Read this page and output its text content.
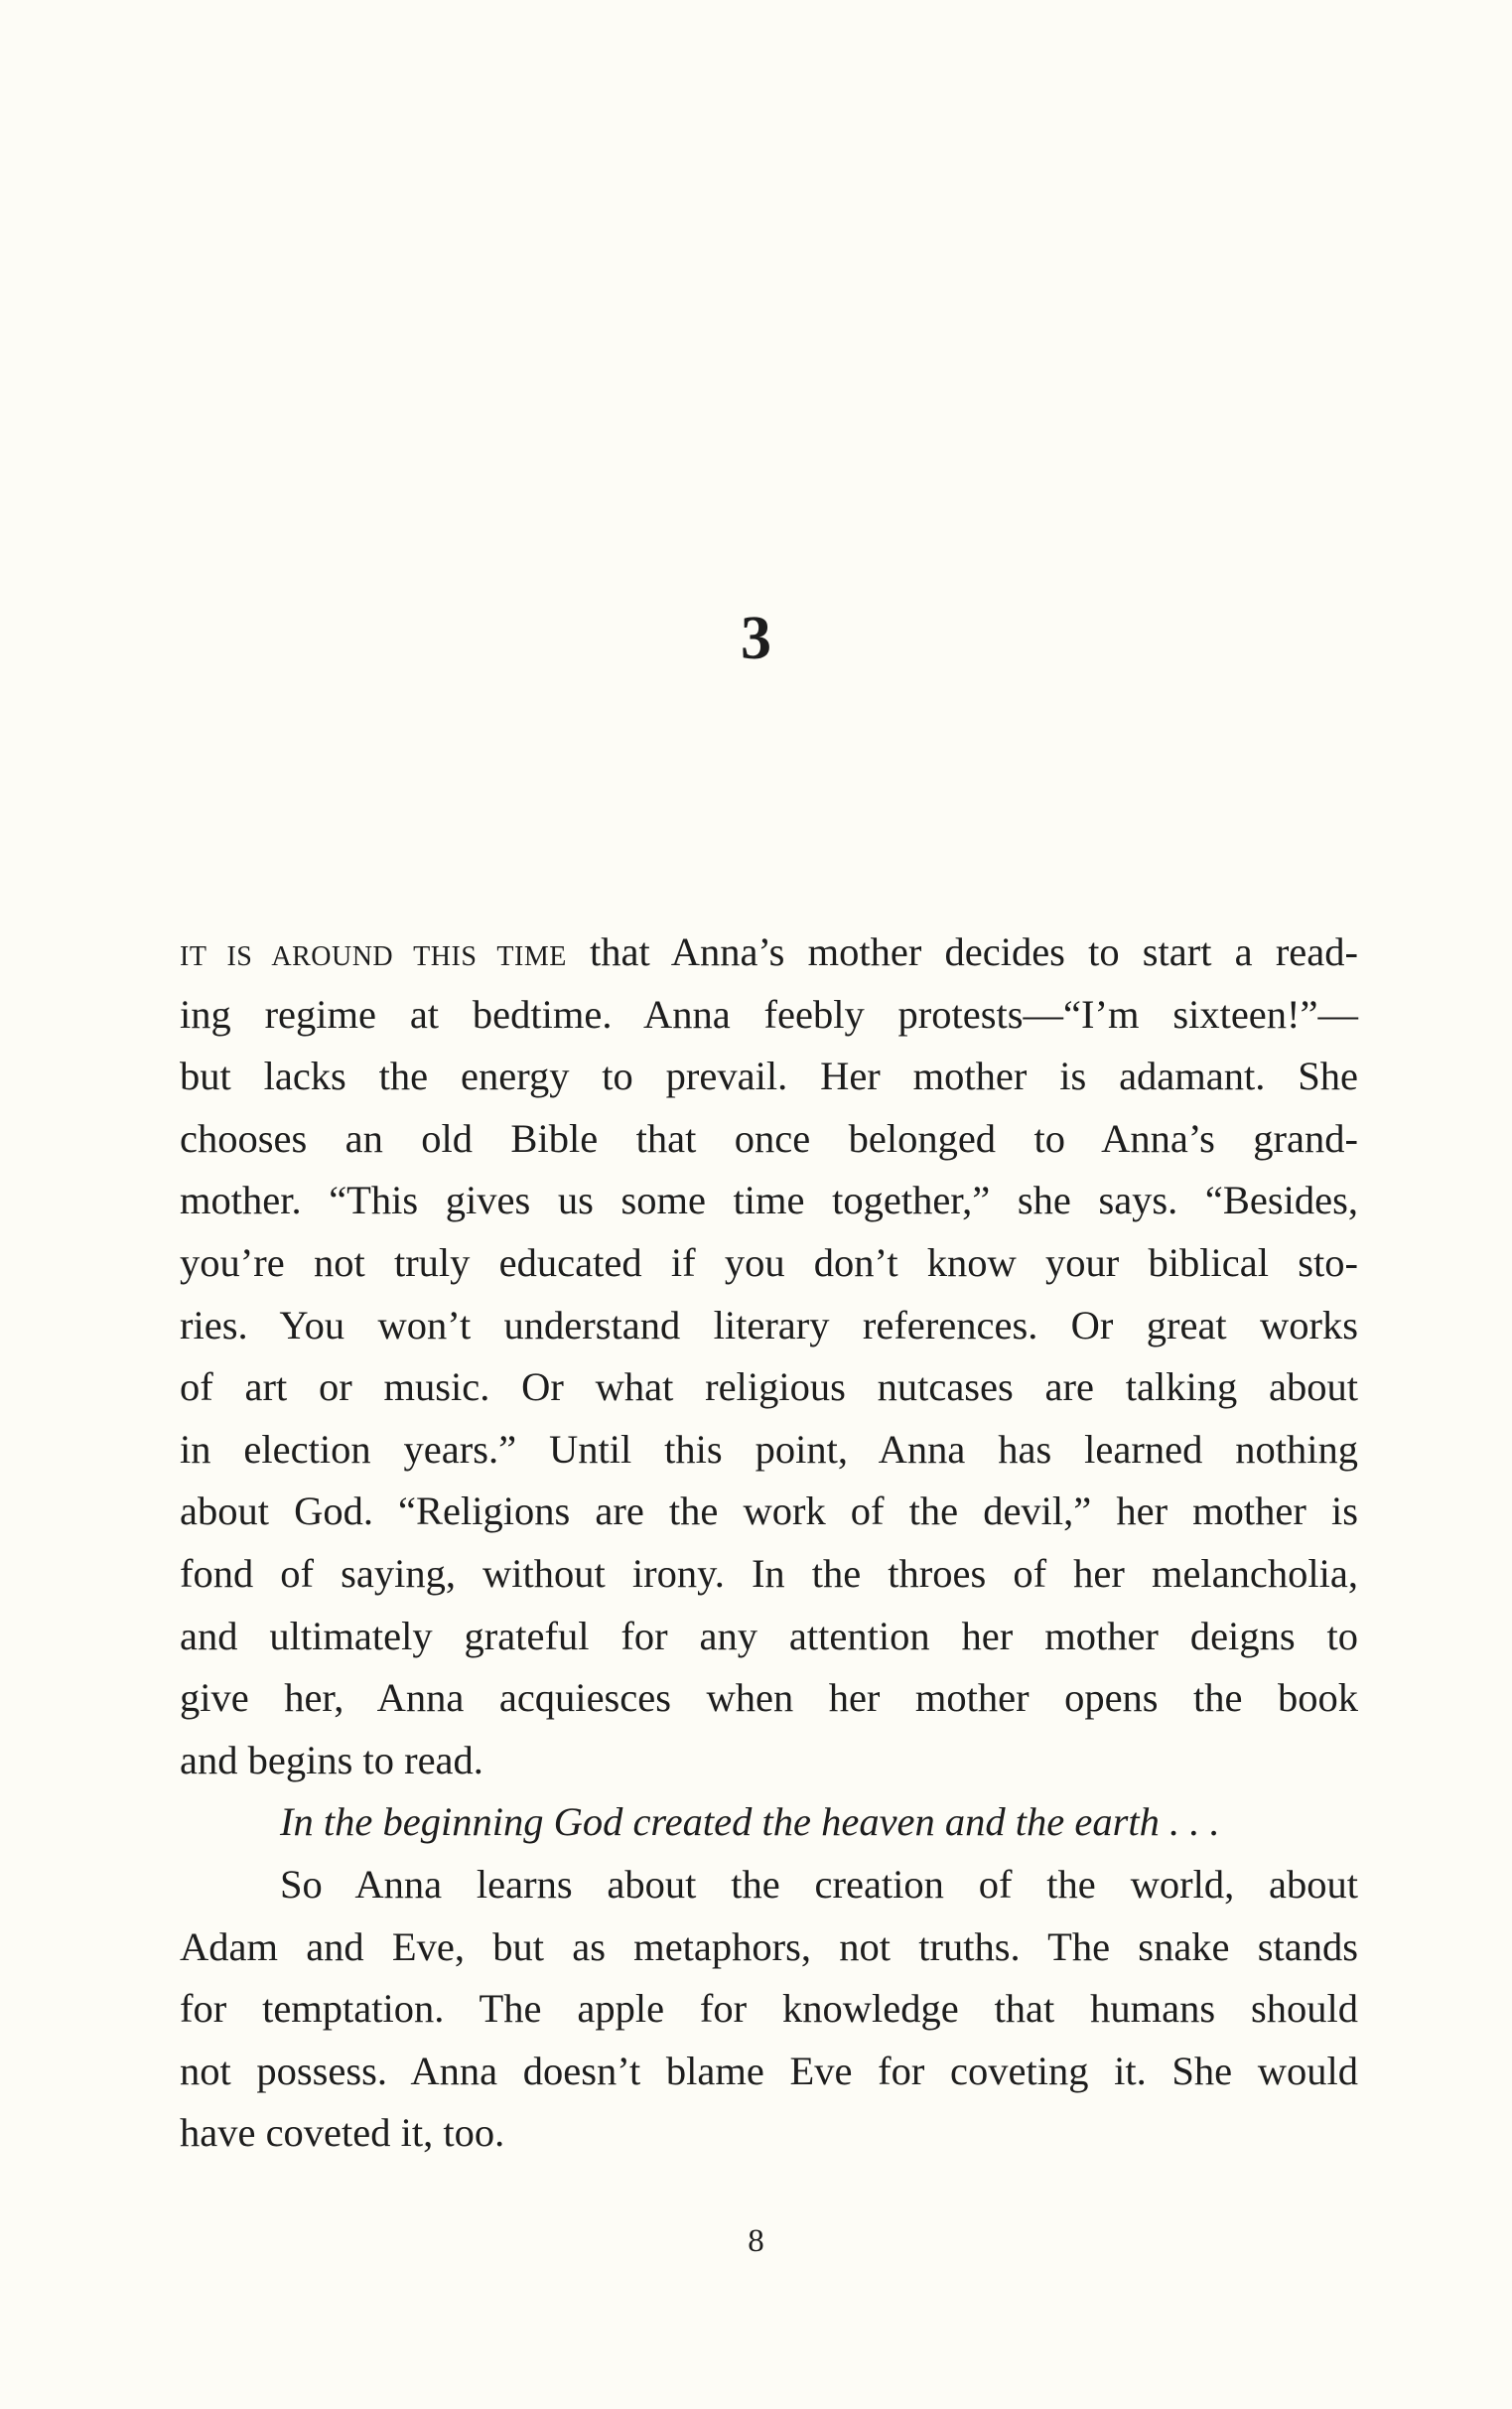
3
IT IS AROUND THIS TIME that Anna’s mother decides to start a read-
ing regime at bedtime. Anna feebly protests—“I’m sixteen!”—
but lacks the energy to prevail. Her mother is adamant. She
chooses an old Bible that once belonged to Anna’s grand-
mother. “This gives us some time together,” she says. “Besides,
you’re not truly educated if you don’t know your biblical sto-
ries. You won’t understand literary references. Or great works
of art or music. Or what religious nutcases are talking about
in election years.” Until this point, Anna has learned nothing
about God. “Religions are the work of the devil,” her mother is
fond of saying, without irony. In the throes of her melancholia,
and ultimately grateful for any attention her mother deigns to
give her, Anna acquiesces when her mother opens the book
and begins to read.
In the beginning God created the heaven and the earth . . .
So Anna learns about the creation of the world, about
Adam and Eve, but as metaphors, not truths. The snake stands
for temptation. The apple for knowledge that humans should
not possess. Anna doesn’t blame Eve for coveting it. She would
have coveted it, too.
8
